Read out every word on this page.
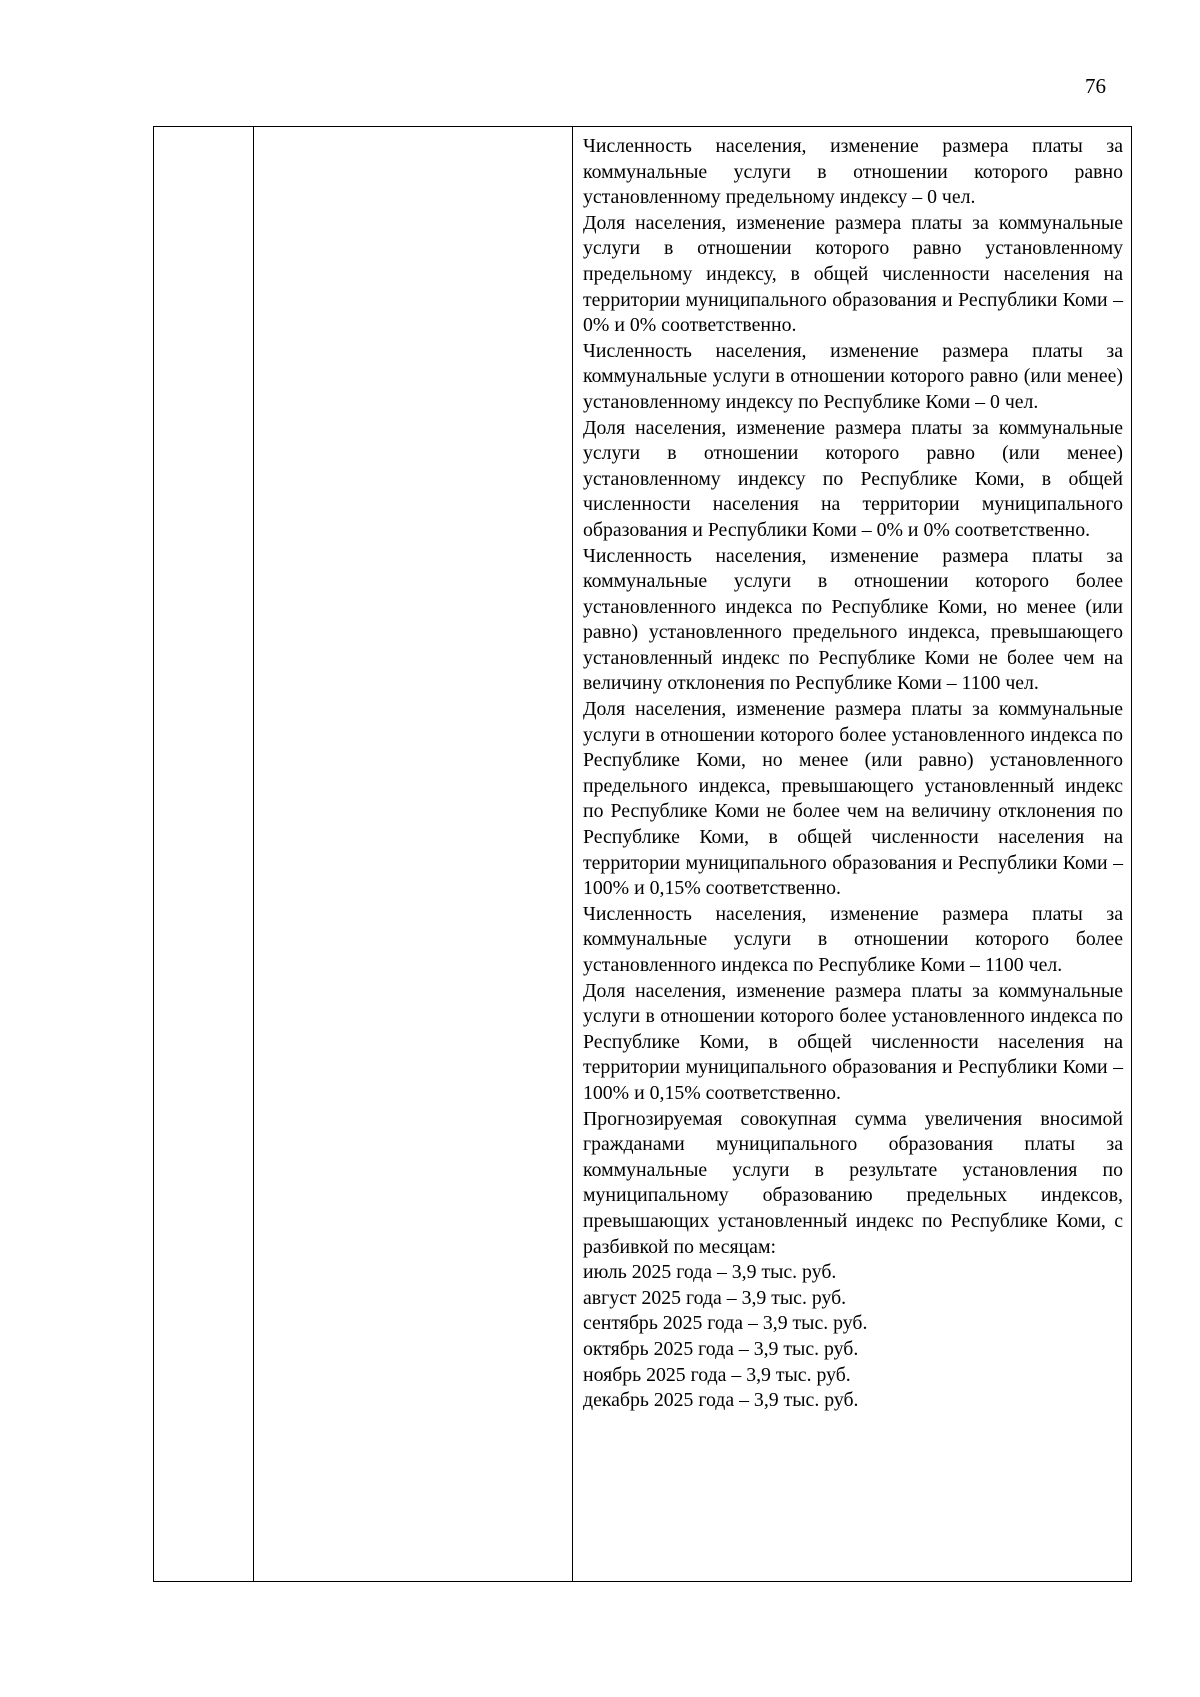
76

Численность населения, изменение размера платы за коммунальные услуги в отношении которого равно установленному предельному индексу – 0 чел.

Доля населения, изменение размера платы за коммунальные услуги в отношении которого равно установленному предельному индексу, в общей численности населения на территории муниципального образования и Республики Коми – 0% и 0% соответственно.

Численность населения, изменение размера платы за коммунальные услуги в отношении которого равно (или менее) установленному индексу по Республике Коми – 0 чел.

Доля населения, изменение размера платы за коммунальные услуги в отношении которого равно (или менее) установленному индексу по Республике Коми, в общей численности населения на территории муниципального образования и Республики Коми – 0% и 0% соответственно.

Численность населения, изменение размера платы за коммунальные услуги в отношении которого более установленного индекса по Республике Коми, но менее (или равно) установленного предельного индекса, превышающего установленный индекс по Республике Коми не более чем на величину отклонения по Республике Коми – 1100 чел.

Доля населения, изменение размера платы за коммунальные услуги в отношении которого более установленного индекса по Республике Коми, но менее (или равно) установленного предельного индекса, превышающего установленный индекс по Республике Коми не более чем на величину отклонения по Республике Коми, в общей численности населения на территории муниципального образования и Республики Коми – 100% и 0,15% соответственно.

Численность населения, изменение размера платы за коммунальные услуги в отношении которого более установленного индекса по Республике Коми – 1100 чел.

Доля населения, изменение размера платы за коммунальные услуги в отношении которого более установленного индекса по Республике Коми, в общей численности населения на территории муниципального образования и Республики Коми – 100% и 0,15% соответственно.

Прогнозируемая совокупная сумма увеличения вносимой гражданами муниципального образования платы за коммунальные услуги в результате установления по муниципальному образованию предельных индексов, превышающих установленный индекс по Республике Коми, с разбивкой по месяцам:

июль 2025 года – 3,9 тыс. руб.

август 2025 года – 3,9 тыс. руб.

сентябрь 2025 года – 3,9 тыс. руб.

октябрь 2025 года – 3,9 тыс. руб.

ноябрь 2025 года – 3,9 тыс. руб.

декабрь 2025 года – 3,9 тыс. руб.
